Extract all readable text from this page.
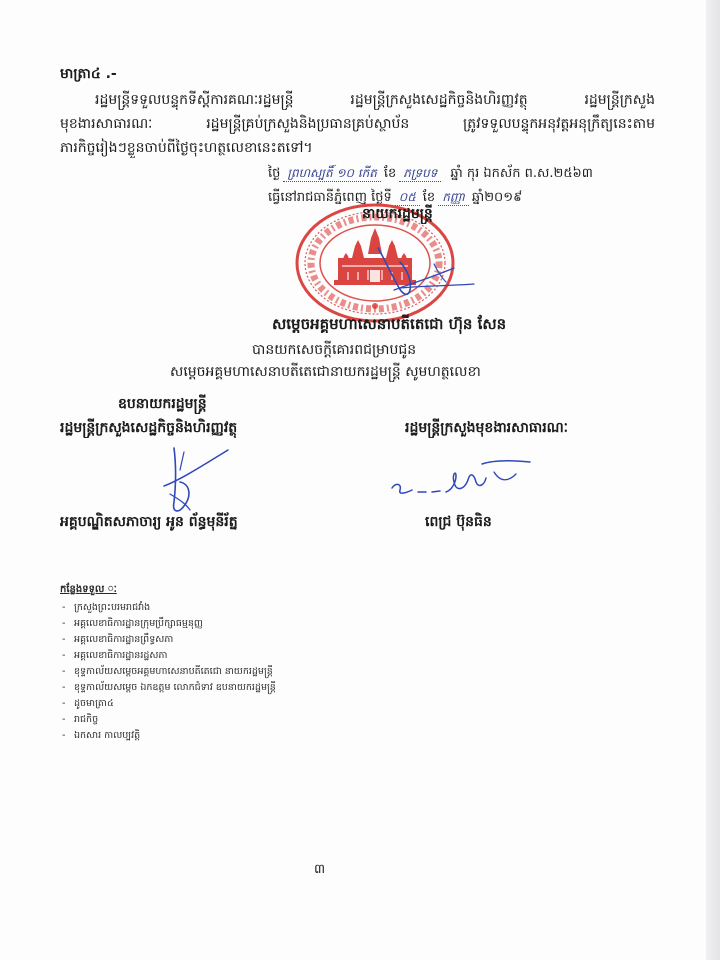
មាត្រា៤ .-
រដ្ឋមន្ត្រីទទួលបន្ទុកទីស្តីការគណៈរដ្ឋមន្ត្រី រដ្ឋមន្ត្រីក្រសួងសេដ្ឋកិច្ចនិងហិរញ្ញវត្ថុ រដ្ឋមន្ត្រីក្រសួង
មុខងារសាធារណៈ រដ្ឋមន្ត្រីគ្រប់ក្រសួងនិងប្រធានគ្រប់ស្ថាប័ន ត្រូវទទួលបន្ទុកអនុវត្តអនុក្រឹត្យនេះតាម
ភារកិច្ចរៀងៗខ្លួនចាប់ពីថ្ងៃចុះហត្ថលេខានេះតទៅ។
ថ្ងៃ ព្រហស្បតិ៍ ១០ កើត ខែ ភទ្របទ ឆ្នាំ កុរ ឯកស័ក ព.ស.២៥៦៣
ធ្វើនៅរាជធានីភ្នំពេញ ថ្ងៃទី ០៥ ខែ កញ្ញា ឆ្នាំ២០១៩
នាយករដ្ឋមន្ត្រី
សម្តេចអគ្គមហាសេនាបតីតេជោ ហ៊ុន សែន
បានយកសេចក្តីគោរពជម្រាបជូន
សម្តេចអគ្គមហាសេនាបតីតេជោនាយករដ្ឋមន្ត្រី សូមហត្ថលេខា
ឧបនាយករដ្ឋមន្ត្រី
រដ្ឋមន្ត្រីក្រសួងសេដ្ឋកិច្ចនិងហិរញ្ញវត្ថុ	រដ្ឋមន្ត្រីក្រសួងមុខងារសាធារណៈ
អគ្គបណ្ឌិតសភាចារ្យ អូន ព័ន្ធមុនីរ័ត្ន	ពេជ្រ ប៊ុនធិន
កន្លែងទទួល ៈ
- ក្រសួងព្រះបរមរាជវាំង
- អគ្គលេខាធិការដ្ឋានក្រុមប្រឹក្សាធម្មនុញ្ញ
- អគ្គលេខាធិការដ្ឋានព្រឹទ្ធសភា
- អគ្គលេខាធិការដ្ឋានរដ្ឋសភា
- ខុទ្ទកាល័យសម្តេចអគ្គមហាសេនាបតីតេជោ នាយករដ្ឋមន្ត្រី
- ខុទ្ទកាល័យសម្តេច ឯកឧត្តម លោកជំទាវ ឧបនាយករដ្ឋមន្ត្រី
- ដូចមាត្រា៤
- រាជកិច្ច
- ឯកសារ កាលប្បវត្តិ
៣
